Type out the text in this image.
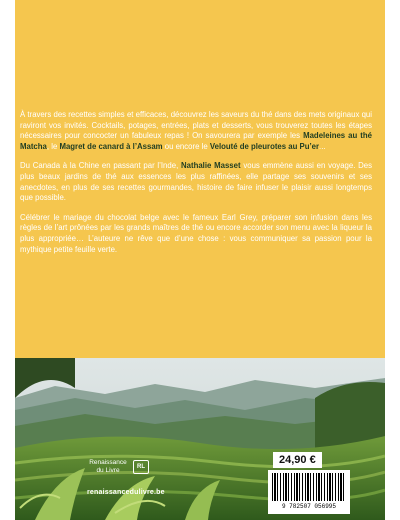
À travers des recettes simples et efficaces, découvrez les saveurs du thé dans des mets originaux qui raviront vos invités. Cocktails, potages, entrées, plats et desserts, vous trouverez toutes les étapes nécessaires pour concocter un fabuleux repas ! On savourera par exemple les Madeleines au thé Matcha, le Magret de canard à l’Assam ou encore le Velouté de pleurotes au Pu’er...

Du Canada à la Chine en passant par l’Inde, Nathalie Masset vous emmène aussi en voyage. Des plus beaux jardins de thé aux essences les plus raffinées, elle partage ses souvenirs et ses anecdotes, en plus de ses recettes gourmandes, histoire de faire infuser le plaisir aussi longtemps que possible.

Célébrer le mariage du chocolat belge avec le fameux Earl Grey, préparer son infusion dans les règles de l’art prônées par les grands maîtres de thé ou encore accorder son menu avec la liqueur la plus appropriée… L’auteure ne rêve que d’une chose : vous communiquer sa passion pour la mythique petite feuille verte.

Renaissance
du Livre	RL
renaissancedulivre.be
24,90 €
9 782507 056995
